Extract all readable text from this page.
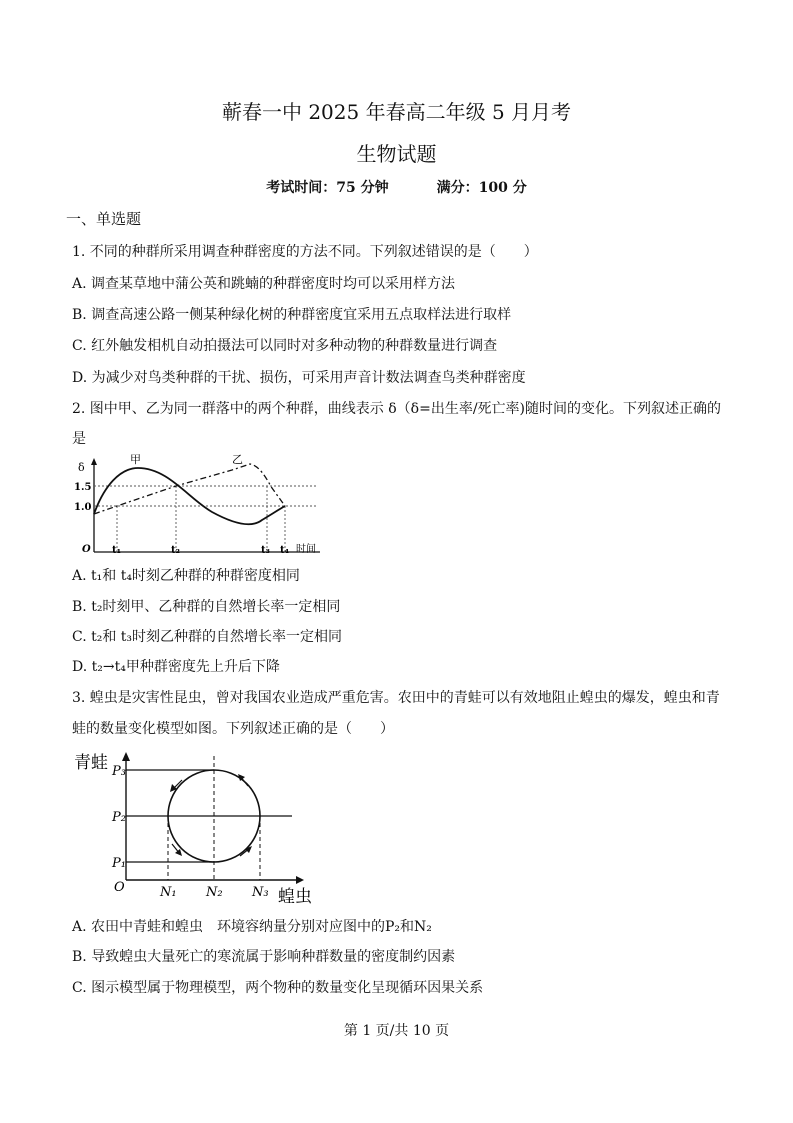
蕲春一中 2025 年春高二年级 5 月月考
生物试题
考试时间：75 分钟	满分：100 分
一、单选题
1. 不同的种群所采用调查种群密度的方法不同。下列叙述错误的是（　　）
A. 调查某草地中蒲公英和跳蝻的种群密度时均可以采用样方法
B. 调查高速公路一侧某种绿化树的种群密度宜采用五点取样法进行取样
C. 红外触发相机自动拍摄法可以同时对多种动物的种群数量进行调查
D. 为减少对鸟类种群的干扰、损伤，可采用声音计数法调查鸟类种群密度
2. 图中甲、乙为同一群落中的两个种群，曲线表示 δ（δ=出生率/死亡率)随时间的变化。下列叙述正确的
是
δ
1.5
1.0
O
甲	乙
t₁	t₂	t₃ t₄ 时间
A. t₁和 t₄时刻乙种群的种群密度相同
B. t₂时刻甲、乙种群的自然增长率一定相同
C. t₂和 t₃时刻乙种群的自然增长率一定相同
D. t₂→t₄甲种群密度先上升后下降
3. 蝗虫是灾害性昆虫，曾对我国农业造成严重危害。农田中的青蛙可以有效地阻止蝗虫的爆发，蝗虫和青
蛙的数量变化模型如图。下列叙述正确的是（　　）
青蛙 P₃
P₂
P₁
O	N₁ N₂ N₃ 蝗虫
A. 农田中青蛙和蝗虫　环境容纳量分别对应图中的P₂和N₂
B. 导致蝗虫大量死亡的寒流属于影响种群数量的密度制约因素
C. 图示模型属于物理模型，两个物种的数量变化呈现循环因果关系
第 1 页/共 10 页
